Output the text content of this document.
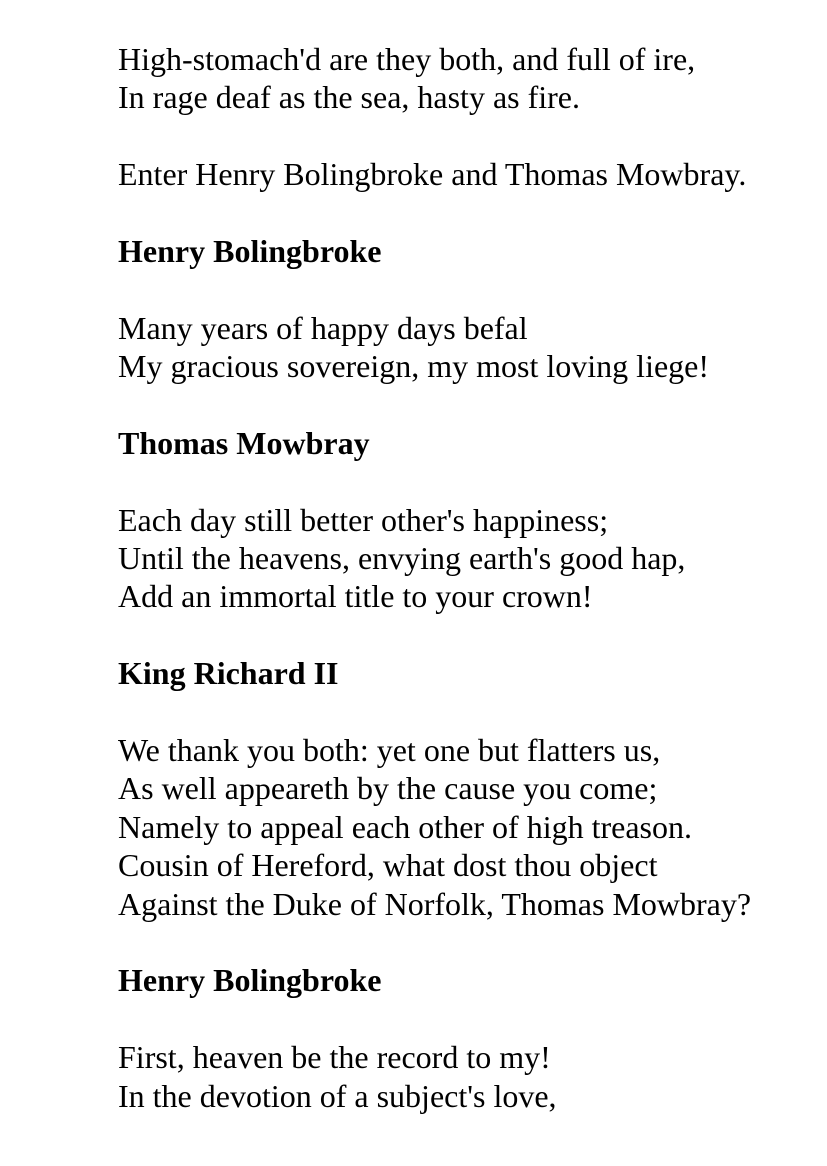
High-stomach'd are they both, and full of ire,
In rage deaf as the sea, hasty as fire.
Enter Henry Bolingbroke and Thomas Mowbray.
Henry Bolingbroke
Many years of happy days befal
My gracious sovereign, my most loving liege!
Thomas Mowbray
Each day still better other's happiness;
Until the heavens, envying earth's good hap,
Add an immortal title to your crown!
King Richard II
We thank you both: yet one but flatters us,
As well appeareth by the cause you come;
Namely to appeal each other of high treason.
Cousin of Hereford, what dost thou object
Against the Duke of Norfolk, Thomas Mowbray?
Henry Bolingbroke
First, heaven be the record to my!
In the devotion of a subject's love,
